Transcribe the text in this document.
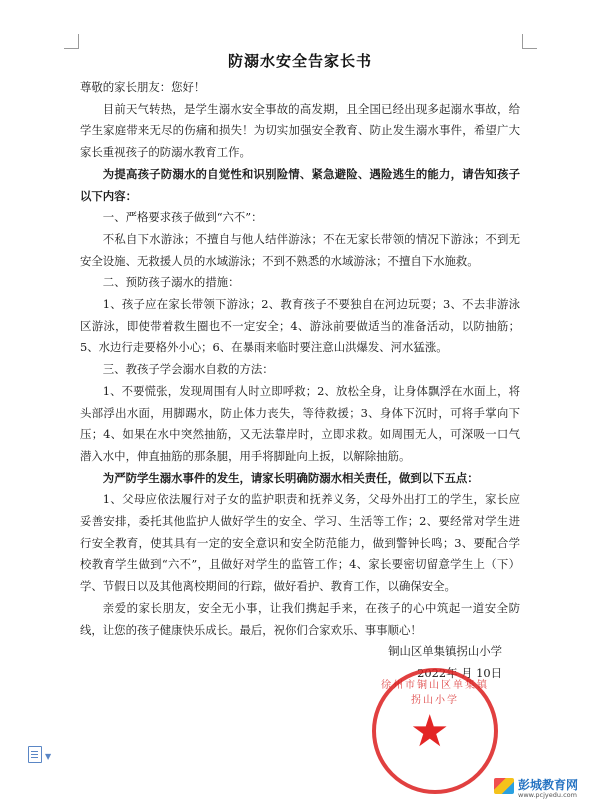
防溺水安全告家长书

尊敬的家长朋友：您好！

目前天气转热，是学生溺水安全事故的高发期，且全国已经出现多起溺水事故，给学生家庭带来无尽的伤痛和损失！为切实加强安全教育、防止发生溺水事件，希望广大家长重视孩子的防溺水教育工作。

为提高孩子防溺水的自觉性和识别险情、紧急避险、遇险逃生的能力，请告知孩子以下内容：

一、严格要求孩子做到“六不”：

不私自下水游泳；不擅自与他人结伴游泳；不在无家长带领的情况下游泳；不到无安全设施、无救援人员的水域游泳；不到不熟悉的水域游泳；不擅自下水施救。

二、预防孩子溺水的措施：

1、孩子应在家长带领下游泳；2、教育孩子不要独自在河边玩耍；3、不去非游泳区游泳，即使带着救生圈也不一定安全；4、游泳前要做适当的准备活动，以防抽筋；5、水边行走要格外小心；6、在暴雨来临时要注意山洪爆发、河水猛涨。

三、教孩子学会溺水自救的方法：

1、不要慌张，发现周围有人时立即呼救；2、放松全身，让身体飘浮在水面上，将头部浮出水面，用脚踢水，防止体力丧失，等待救援；3、身体下沉时，可将手掌向下压；4、如果在水中突然抽筋，又无法靠岸时，立即求救。如周围无人，可深吸一口气潜入水中，伸直抽筋的那条腿，用手将脚趾向上扳，以解除抽筋。

为严防学生溺水事件的发生，请家长明确防溺水相关责任，做到以下五点：

1、父母应依法履行对子女的监护职责和抚养义务，父母外出打工的学生，家长应妥善安排，委托其他监护人做好学生的安全、学习、生活等工作；2、要经常对学生进行安全教育，使其具有一定的安全意识和安全防范能力，做到警钟长鸣；3、要配合学校教育学生做到“六不”，且做好对学生的监管工作；4、家长要密切留意学生上（下）学、节假日以及其他离校期间的行踪，做好看护、教育工作，以确保安全。

亲爱的家长朋友，安全无小事，让我们携起手来，在孩子的心中筑起一道安全防线，让您的孩子健康快乐成长。最后，祝你们合家欢乐、事事顺心！

铜山区单集镇拐山小学

2022年 月 10日

徐州市铜山区单集镇拐山小学
★
▼
彭城教育网
www.pcjyedu.com
